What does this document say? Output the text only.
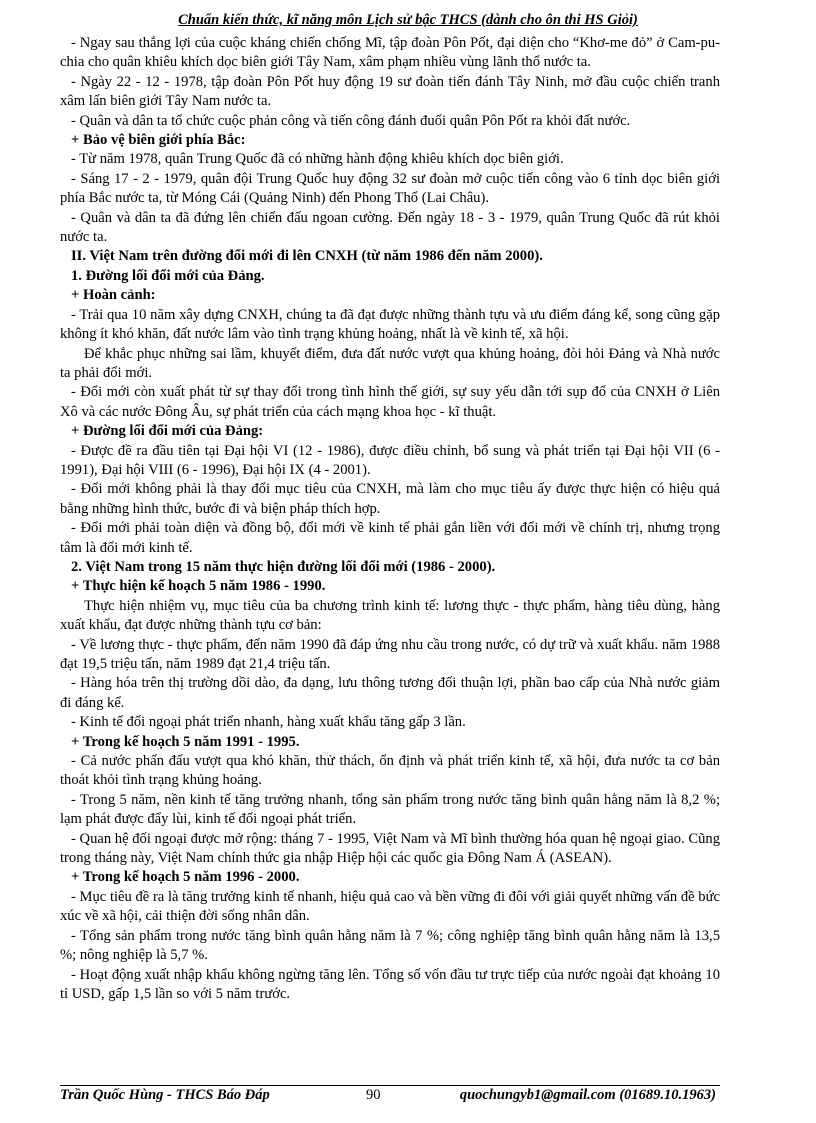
Chuẩn kiến thức, kĩ năng môn Lịch sử bậc THCS (dành cho ôn thi HS Giỏi)

- Ngay sau thắng lợi của cuộc kháng chiến chống Mĩ, tập đoàn Pôn Pốt, đại diện cho “Khơ-me đỏ” ở Cam-pu-chia cho quân khiêu khích dọc biên giới Tây Nam, xâm phạm nhiều vùng lãnh thổ nước ta.

- Ngày 22 - 12 - 1978, tập đoàn Pôn Pốt huy động 19 sư đoàn tiến đánh Tây Ninh, mở đầu cuộc chiến tranh xâm lấn biên giới Tây Nam nước ta.

- Quân và dân ta tổ chức cuộc phản công và tiến công đánh đuổi quân Pôn Pốt ra khỏi đất nước.

+ Bảo vệ biên giới phía Bắc:

- Từ năm 1978, quân Trung Quốc đã có những hành động khiêu khích dọc biên giới.

- Sáng 17 - 2 - 1979, quân đội Trung Quốc huy động 32 sư đoàn mở cuộc tiến công vào 6 tỉnh dọc biên giới phía Bắc nước ta, từ Móng Cái (Quảng Ninh) đến Phong Thổ (Lai Châu).

- Quân và dân ta đã đứng lên chiến đấu ngoan cường. Đến ngày 18 - 3 - 1979, quân Trung Quốc đã rút khỏi nước ta.

II. Việt Nam trên đường đổi mới đi lên CNXH (từ năm 1986 đến năm 2000).

1. Đường lối đổi mới của Đảng.

+ Hoàn cảnh:

- Trải qua 10 năm xây dựng CNXH, chúng ta đã đạt được những thành tựu và ưu điểm đáng kể, song cũng gặp không ít khó khăn, đất nước lâm vào tình trạng khủng hoảng, nhất là về kinh tế, xã hội.

Để khắc phục những sai lầm, khuyết điểm, đưa đất nước vượt qua khủng hoảng, đòi hỏi Đảng và Nhà nước ta phải đổi mới.

- Đổi mới còn xuất phát từ sự thay đổi trong tình hình thế giới, sự suy yếu dẫn tới sụp đổ của CNXH ở Liên Xô và các nước Đông Âu, sự phát triển của cách mạng khoa học - kĩ thuật.

+ Đường lối đổi mới của Đảng:

- Được đề ra đầu tiên tại Đại hội VI (12 - 1986), được điều chỉnh, bổ sung và phát triển tại Đại hội VII (6 - 1991), Đại hội VIII (6 - 1996), Đại hội IX (4 - 2001).

- Đổi mới không phải là thay đổi mục tiêu của CNXH, mà làm cho mục tiêu ấy được thực hiện có hiệu quả bằng những hình thức, bước đi và biện pháp thích hợp.

- Đổi mới phải toàn diện và đồng bộ, đổi mới về kinh tế phải gắn liền với đổi mới về chính trị, nhưng trọng tâm là đổi mới kinh tế.

2. Việt Nam trong 15 năm thực hiện đường lối đổi mới (1986 - 2000).

+ Thực hiện kế hoạch 5 năm 1986 - 1990.

Thực hiện nhiệm vụ, mục tiêu của ba chương trình kinh tế: lương thực - thực phẩm, hàng tiêu dùng, hàng xuất khẩu, đạt được những thành tựu cơ bản:

- Về lương thực - thực phẩm, đến năm 1990 đã đáp ứng nhu cầu trong nước, có dự trữ và xuất khẩu. năm 1988 đạt 19,5 triệu tấn, năm 1989 đạt 21,4 triệu tấn.

- Hàng hóa trên thị trường dồi dào, đa dạng, lưu thông tương đối thuận lợi, phần bao cấp của Nhà nước giảm đi đáng kể.

- Kinh tế đối ngoại phát triển nhanh, hàng xuất khẩu tăng gấp 3 lần.

+ Trong kế hoạch 5 năm 1991 - 1995.

- Cả nước phấn đấu vượt qua khó khăn, thử thách, ổn định và phát triển kinh tế, xã hội, đưa nước ta cơ bản thoát khỏi tình trạng khủng hoảng.

- Trong 5 năm, nền kinh tế tăng trưởng nhanh, tổng sản phẩm trong nước tăng bình quân hằng năm là 8,2 %; lạm phát được đẩy lùi, kinh tế đối ngoại phát triển.

- Quan hệ đối ngoại được mở rộng: tháng 7 - 1995, Việt Nam và Mĩ bình thường hóa quan hệ ngoại giao. Cũng trong tháng này, Việt Nam chính thức gia nhập Hiệp hội các quốc gia Đông Nam Á (ASEAN).

+ Trong kế hoạch 5 năm 1996 - 2000.

- Mục tiêu đề ra là tăng trưởng kinh tế nhanh, hiệu quả cao và bền vững đi đôi với giải quyết những vấn đề bức xúc về xã hội, cải thiện đời sống nhân dân.

- Tổng sản phẩm trong nước tăng bình quân hằng năm là 7 %; công nghiệp tăng bình quân hằng năm là 13,5 %; nông nghiệp là 5,7 %.

- Hoạt động xuất nhập khẩu không ngừng tăng lên. Tổng số vốn đầu tư trực tiếp của nước ngoài đạt khoảng 10 tỉ USD, gấp 1,5 lần so với 5 năm trước.

Trần Quốc Hùng - THCS Báo Đáp	90	quochungyb1@gmail.com (01689.10.1963)
